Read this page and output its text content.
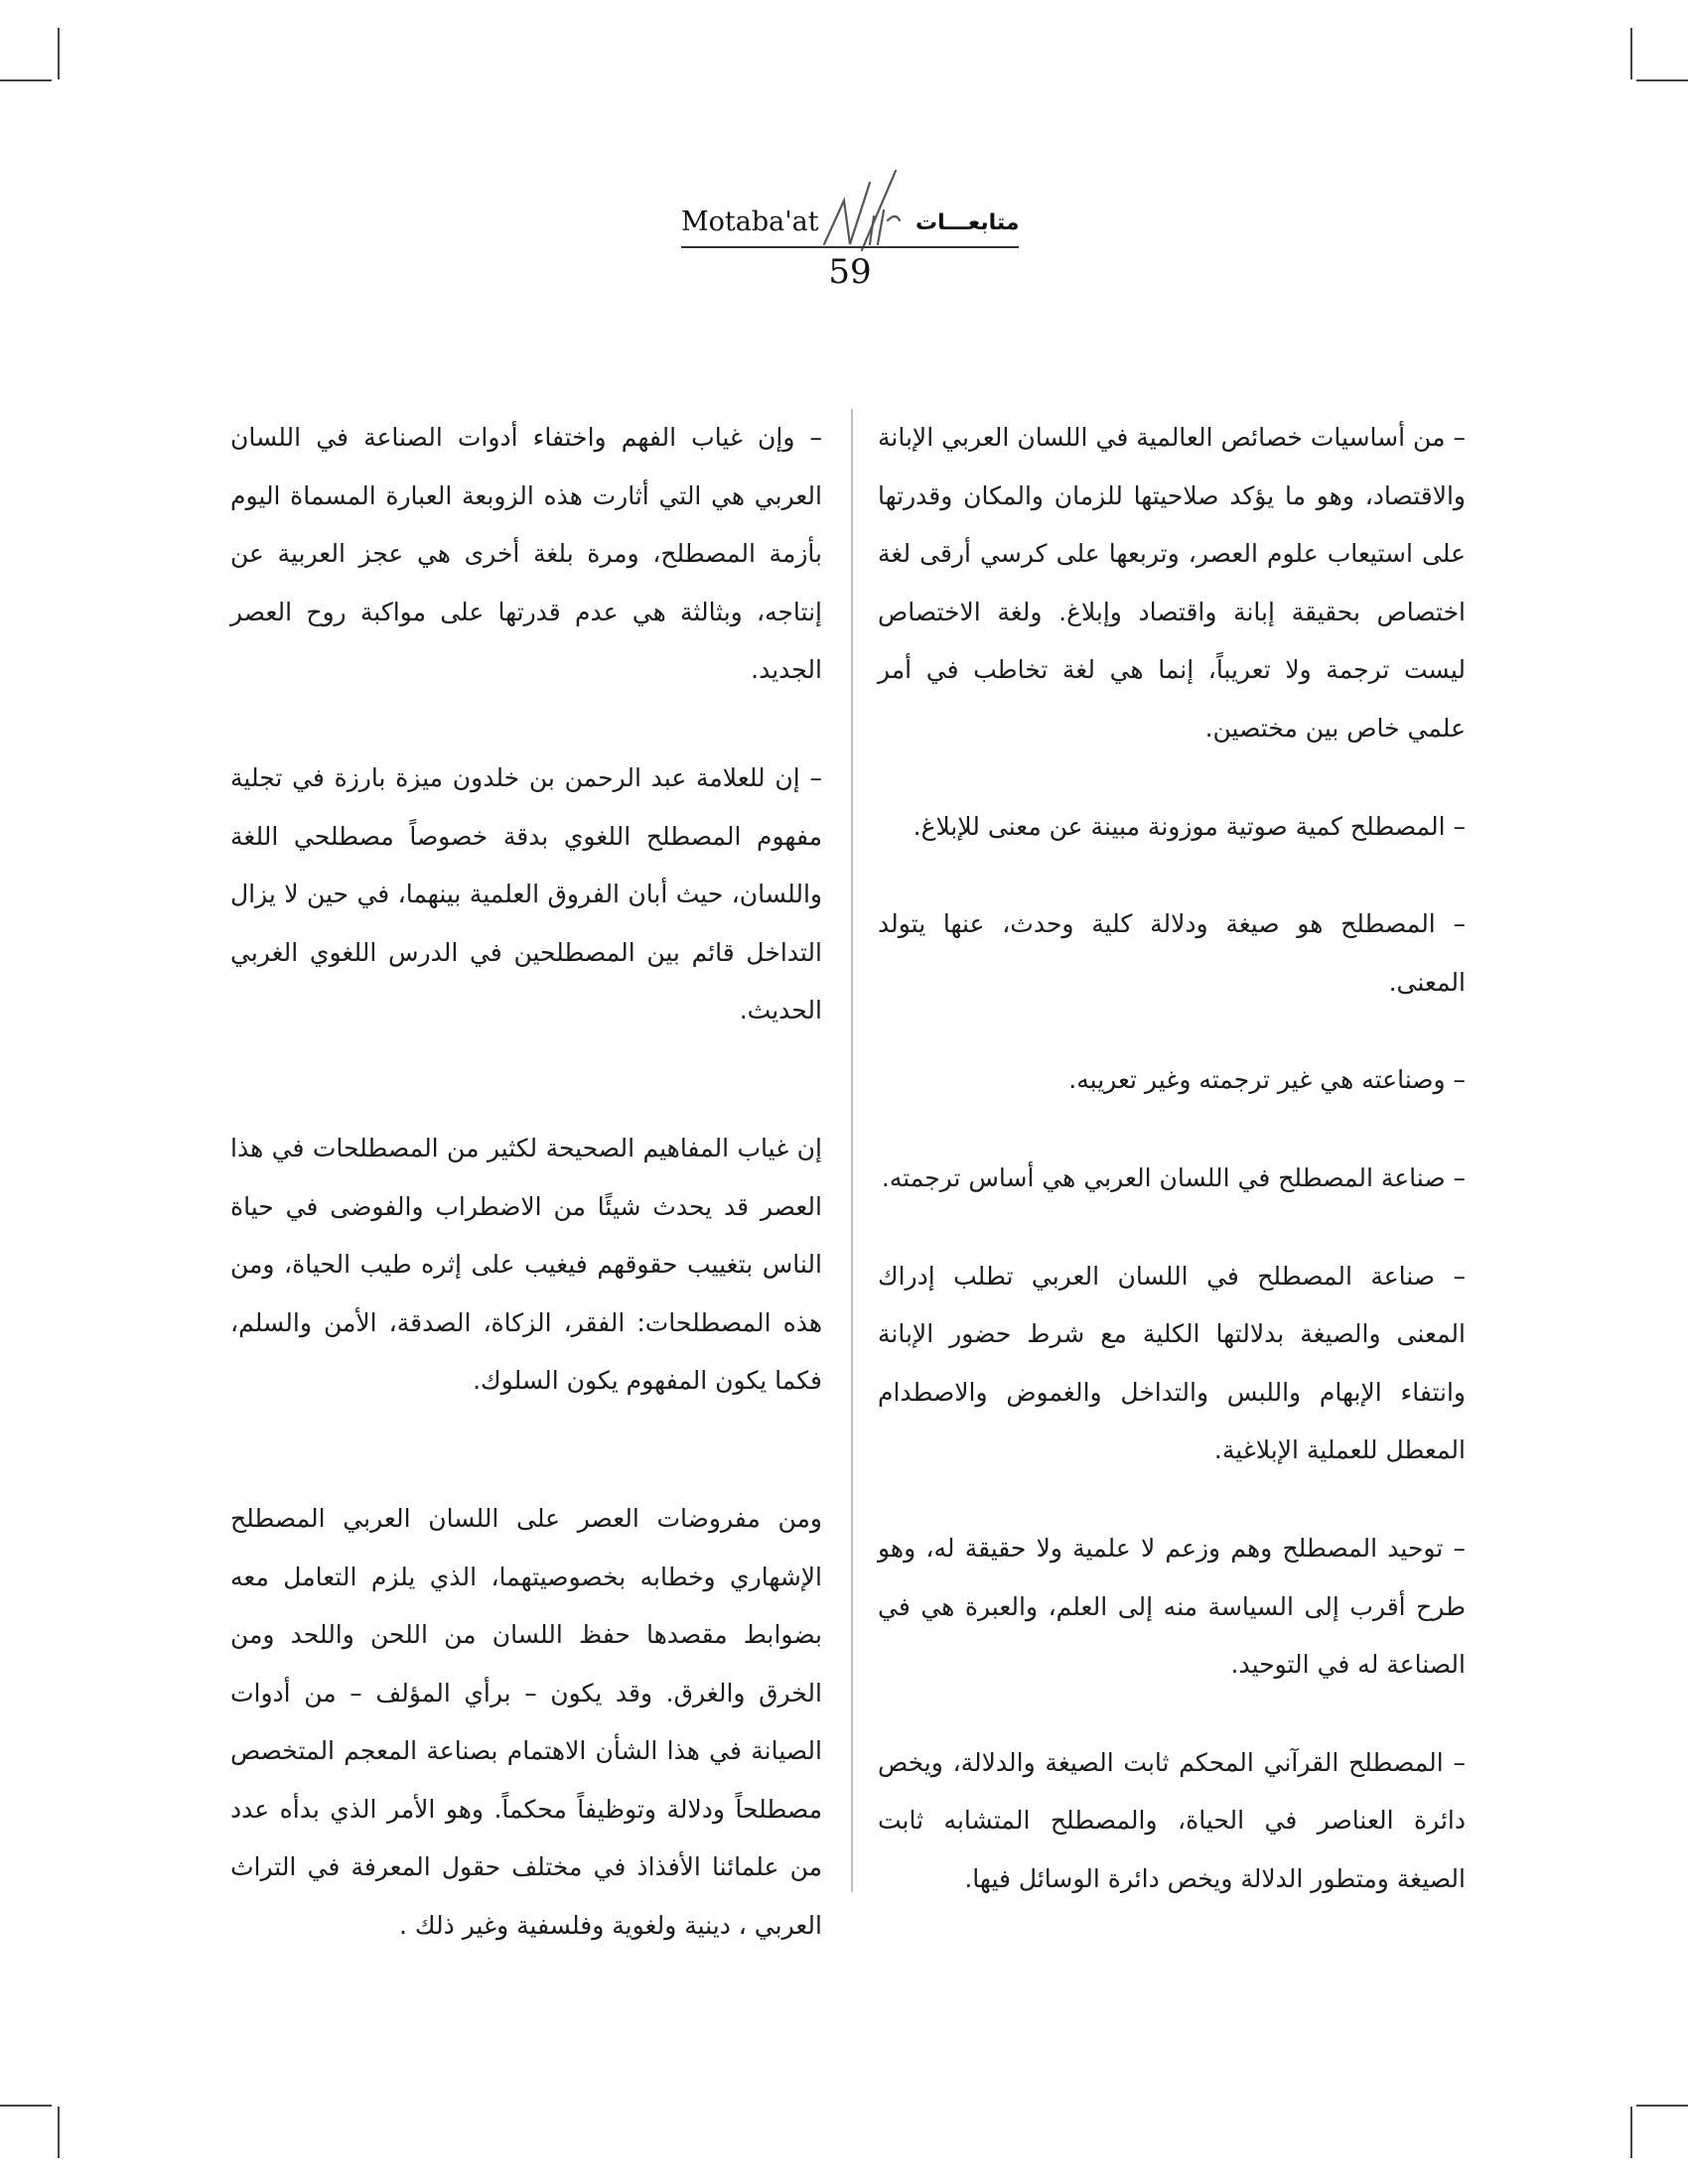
Motaba'at	متابعـــات
59

– من أساسيات خصائص العالمية في اللسان العربي الإبانة والاقتصاد، وهو ما يؤكد صلاحيتها للزمان والمكان وقدرتها على استيعاب علوم العصر، وتربعها على كرسي أرقى لغة اختصاص بحقيقة إبانة واقتصاد وإبلاغ. ولغة الاختصاص ليست ترجمة ولا تعريباً، إنما هي لغة تخاطب في أمر علمي خاص بين مختصين.

– المصطلح كمية صوتية موزونة مبينة عن معنى للإبلاغ.

– المصطلح هو صيغة ودلالة كلية وحدث، عنها يتولد المعنى.

– وصناعته هي غير ترجمته وغير تعريبه.

– صناعة المصطلح في اللسان العربي هي أساس ترجمته.

– صناعة المصطلح في اللسان العربي تطلب إدراك المعنى والصيغة بدلالتها الكلية مع شرط حضور الإبانة وانتفاء الإبهام واللبس والتداخل والغموض والاصطدام المعطل للعملية الإبلاغية.

– توحيد المصطلح وهم وزعم لا علمية ولا حقيقة له، وهو طرح أقرب إلى السياسة منه إلى العلم، والعبرة هي في الصناعة له في التوحيد.

– المصطلح القرآني المحكم ثابت الصيغة والدلالة، ويخص دائرة العناصر في الحياة، والمصطلح المتشابه ثابت الصيغة ومتطور الدلالة ويخص دائرة الوسائل فيها.

– وإن غياب الفهم واختفاء أدوات الصناعة في اللسان العربي هي التي أثارت هذه الزوبعة العبارة المسماة اليوم بأزمة المصطلح، ومرة بلغة أخرى هي عجز العربية عن إنتاجه، وبثالثة هي عدم قدرتها على مواكبة روح العصر الجديد.

– إن للعلامة عبد الرحمن بن خلدون ميزة بارزة في تجلية مفهوم المصطلح اللغوي بدقة خصوصاً مصطلحي اللغة واللسان، حيث أبان الفروق العلمية بينهما، في حين لا يزال التداخل قائم بين المصطلحين في الدرس اللغوي الغربي الحديث.

إن غياب المفاهيم الصحيحة لكثير من المصطلحات في هذا العصر قد يحدث شيئًا من الاضطراب والفوضى في حياة الناس بتغييب حقوقهم فيغيب على إثره طيب الحياة، ومن هذه المصطلحات: الفقر، الزكاة، الصدقة، الأمن والسلم، فكما يكون المفهوم يكون السلوك.

ومن مفروضات العصر على اللسان العربي المصطلح الإشهاري وخطابه بخصوصيتهما، الذي يلزم التعامل معه بضوابط مقصدها حفظ اللسان من اللحن واللحد ومن الخرق والغرق. وقد يكون – برأي المؤلف – من أدوات الصيانة في هذا الشأن الاهتمام بصناعة المعجم المتخصص مصطلحاً ودلالة وتوظيفاً محكماً. وهو الأمر الذي بدأه عدد من علمائنا الأفذاذ في مختلف حقول المعرفة في التراث العربي ، دينية ولغوية وفلسفية وغير ذلك .
